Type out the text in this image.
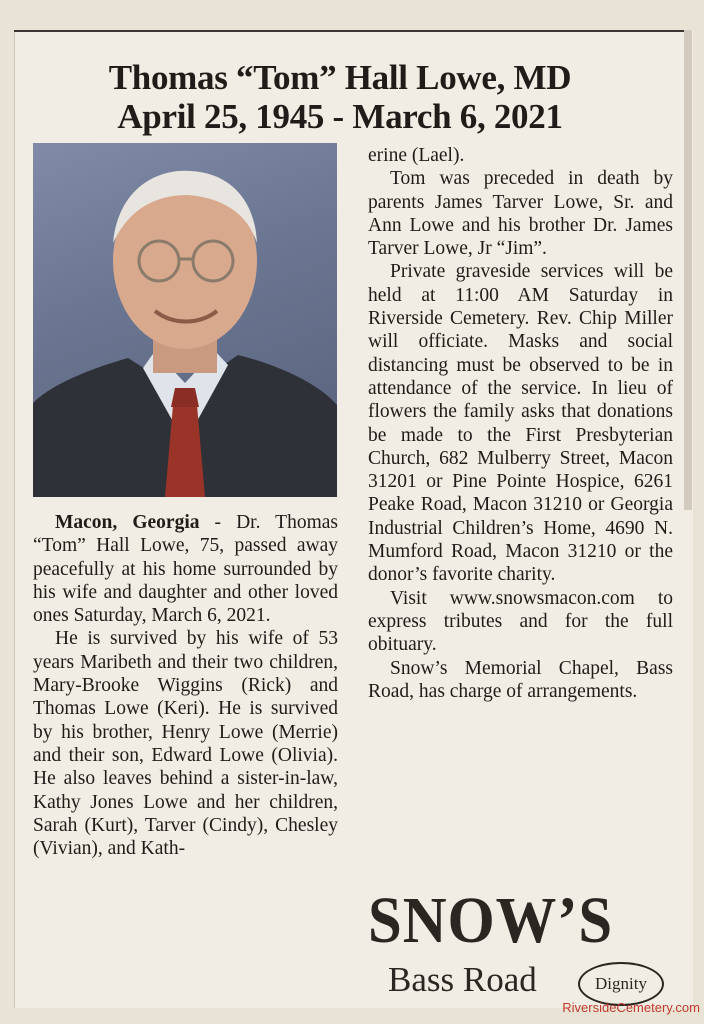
Thomas “Tom” Hall Lowe, MD
April 25, 1945 - March 6, 2021

Macon, Georgia - Dr. Thomas “Tom” Hall Lowe, 75, passed away peacefully at his home surrounded by his wife and daughter and other loved ones Saturday, March 6, 2021.

He is survived by his wife of 53 years Maribeth and their two children, Mary-Brooke Wiggins (Rick) and Thomas Lowe (Keri). He is survived by his brother, Henry Lowe (Merrie) and their son, Edward Lowe (Olivia). He also leaves behind a sister-in-law, Kathy Jones Lowe and her children, Sarah (Kurt), Tarver (Cindy), Chesley (Vivian), and Kath-

erine (Lael).

Tom was preceded in death by parents James Tarver Lowe, Sr. and Ann Lowe and his brother Dr. James Tarver Lowe, Jr “Jim”.

Private graveside services will be held at 11:00 AM Saturday in Riverside Cemetery. Rev. Chip Miller will officiate. Masks and social distancing must be observed to be in attendance of the service. In lieu of flowers the family asks that donations be made to the First Presbyterian Church, 682 Mulberry Street, Macon 31201 or Pine Pointe Hospice, 6261 Peake Road, Macon 31210 or Georgia Industrial Children’s Home, 4690 N. Mumford Road, Macon 31210 or the donor’s favorite charity.

Visit www.snowsmacon.com to express tributes and for the full obituary.

Snow’s Memorial Chapel, Bass Road, has charge of arrangements.

SNOW’S
Bass Road	Dignity
RiversideCemetery.com
